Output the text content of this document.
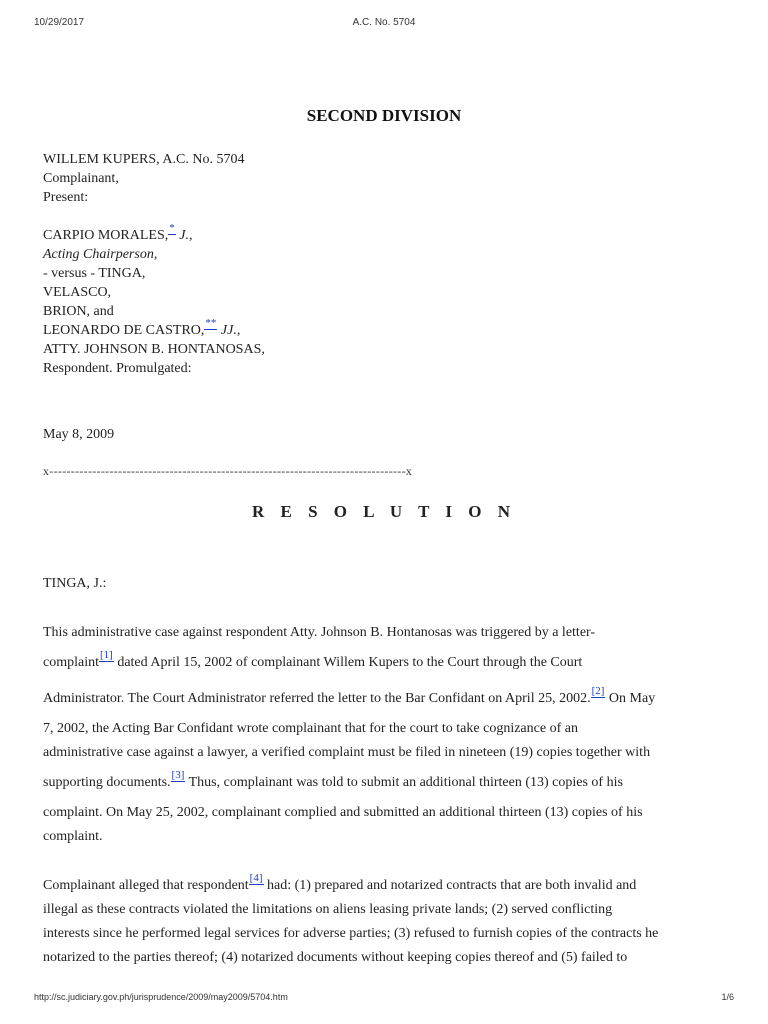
10/29/2017	A.C. No. 5704
SECOND DIVISION
WILLEM KUPERS, A.C. No. 5704
Complainant,
Present:
CARPIO MORALES,* J.,
Acting Chairperson,
- versus - TINGA,
VELASCO,
BRION, and
LEONARDO DE CASTRO,** JJ.,
ATTY. JOHNSON B. HONTANOSAS,
Respondent. Promulgated:
May 8, 2009
x-----------------------------------------------------------------------------------x
R E S O L U T I O N
TINGA, J.:
This administrative case against respondent Atty. Johnson B. Hontanosas was triggered by a letter-
complaint[1] dated April 15, 2002 of complainant Willem Kupers to the Court through the Court
Administrator. The Court Administrator referred the letter to the Bar Confidant on April 25, 2002.[2] On May
7, 2002, the Acting Bar Confidant wrote complainant that for the court to take cognizance of an
administrative case against a lawyer, a verified complaint must be filed in nineteen (19) copies together with
supporting documents.[3] Thus, complainant was told to submit an additional thirteen (13) copies of his
complaint. On May 25, 2002, complainant complied and submitted an additional thirteen (13) copies of his
complaint.
Complainant alleged that respondent[4] had: (1) prepared and notarized contracts that are both invalid and
illegal as these contracts violated the limitations on aliens leasing private lands; (2) served conflicting
interests since he performed legal services for adverse parties; (3) refused to furnish copies of the contracts he
notarized to the parties thereof; (4) notarized documents without keeping copies thereof and (5) failed to
http://sc.judiciary.gov.ph/jurisprudence/2009/may2009/5704.htm	1/6
